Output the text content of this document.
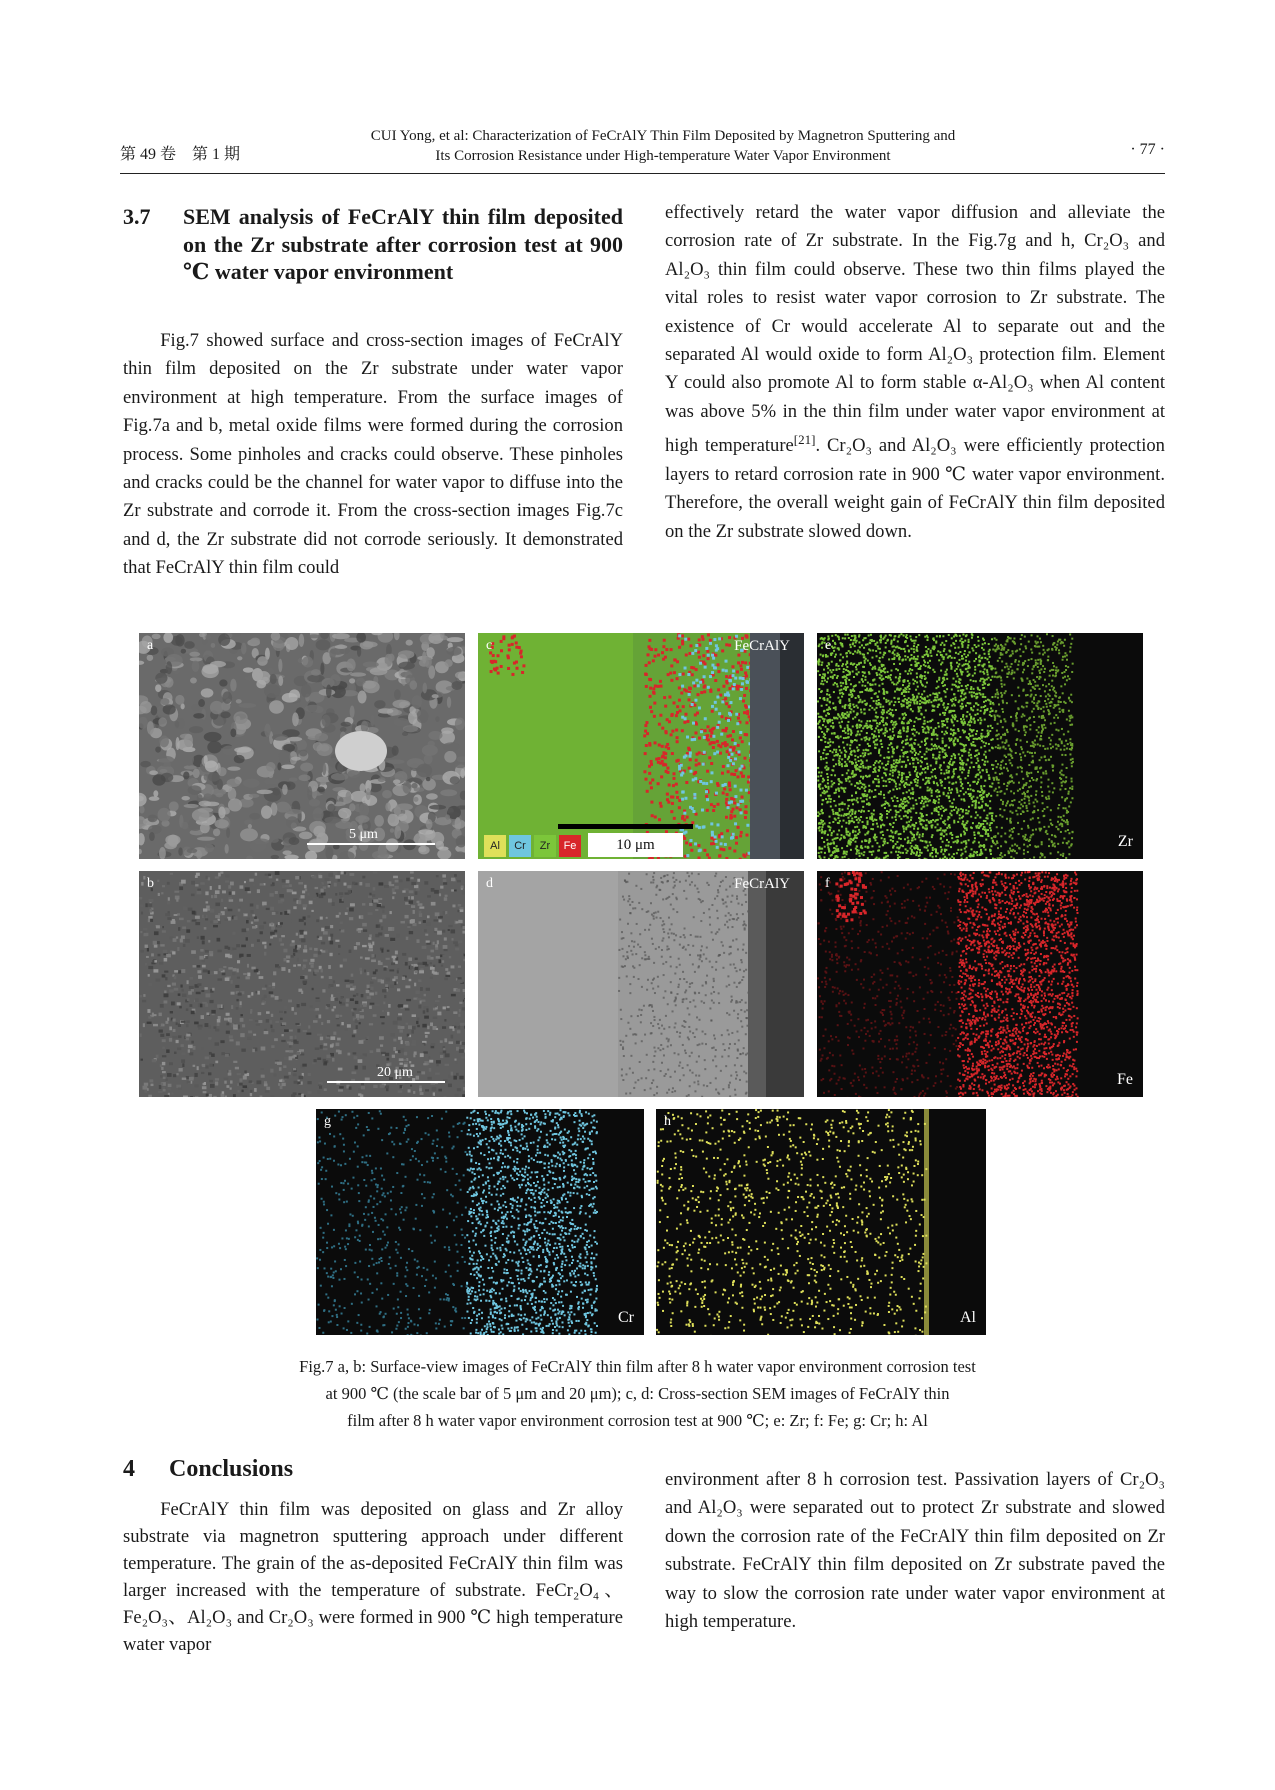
第 49 卷　第 1 期
CUI Yong, et al: Characterization of FeCrAlY Thin Film Deposited by Magnetron Sputtering and
Its Corrosion Resistance under High-temperature Water Vapor Environment	· 77 ·
3.7 SEM analysis of FeCrAlY thin film deposited on the Zr substrate after corrosion test at 900 ℃ water vapor environment

Fig.7 showed surface and cross-section images of FeCrAlY thin film deposited on the Zr substrate under water vapor environment at high temperature. From the surface images of Fig.7a and b, metal oxide films were formed during the corrosion process. Some pinholes and cracks could observe. These pinholes and cracks could be the channel for water vapor to diffuse into the Zr substrate and corrode it. From the cross-section images Fig.7c and d, the Zr substrate did not corrode seriously. It demonstrated that FeCrAlY thin film could

effectively retard the water vapor diffusion and alleviate the corrosion rate of Zr substrate. In the Fig.7g and h, Cr₂O₃ and Al₂O₃ thin film could observe. These two thin films played the vital roles to resist water vapor corrosion to Zr substrate. The existence of Cr would accelerate Al to separate out and the separated Al would oxide to form Al₂O₃ protection film. Element Y could also promote Al to form stable α-Al₂O₃ when Al content was above 5% in the thin film under water vapor environment at high temperature[21]. Cr₂O₃ and Al₂O₃ were efficiently protection layers to retard corrosion rate in 900 ℃ water vapor environment. Therefore, the overall weight gain of FeCrAlY thin film deposited on the Zr substrate slowed down.

a
5 μm
b
20 μm
c	FeCrAlY
Al	Cr	Zr	Fe	10 μm
d	FeCrAlY
e
Zr
f
Fe
g
Cr
h
Al
Fig.7 a, b: Surface-view images of FeCrAlY thin film after 8 h water vapor environment corrosion test
at 900 ℃ (the scale bar of 5 μm and 20 μm); c, d: Cross-section SEM images of FeCrAlY thin
film after 8 h water vapor environment corrosion test at 900 ℃; e: Zr; f: Fe; g: Cr; h: Al
4 Conclusions

FeCrAlY thin film was deposited on glass and Zr alloy substrate via magnetron sputtering approach under different temperature. The grain of the as-deposited FeCrAlY thin film was larger increased with the temperature of substrate. FeCr₂O₄、Fe₂O₃、Al₂O₃ and Cr₂O₃ were formed in 900 ℃ high temperature water vapor

environment after 8 h corrosion test. Passivation layers of Cr₂O₃ and Al₂O₃ were separated out to protect Zr substrate and slowed down the corrosion rate of the FeCrAlY thin film deposited on Zr substrate. FeCrAlY thin film deposited on Zr substrate paved the way to slow the corrosion rate under water vapor environment at high temperature.
